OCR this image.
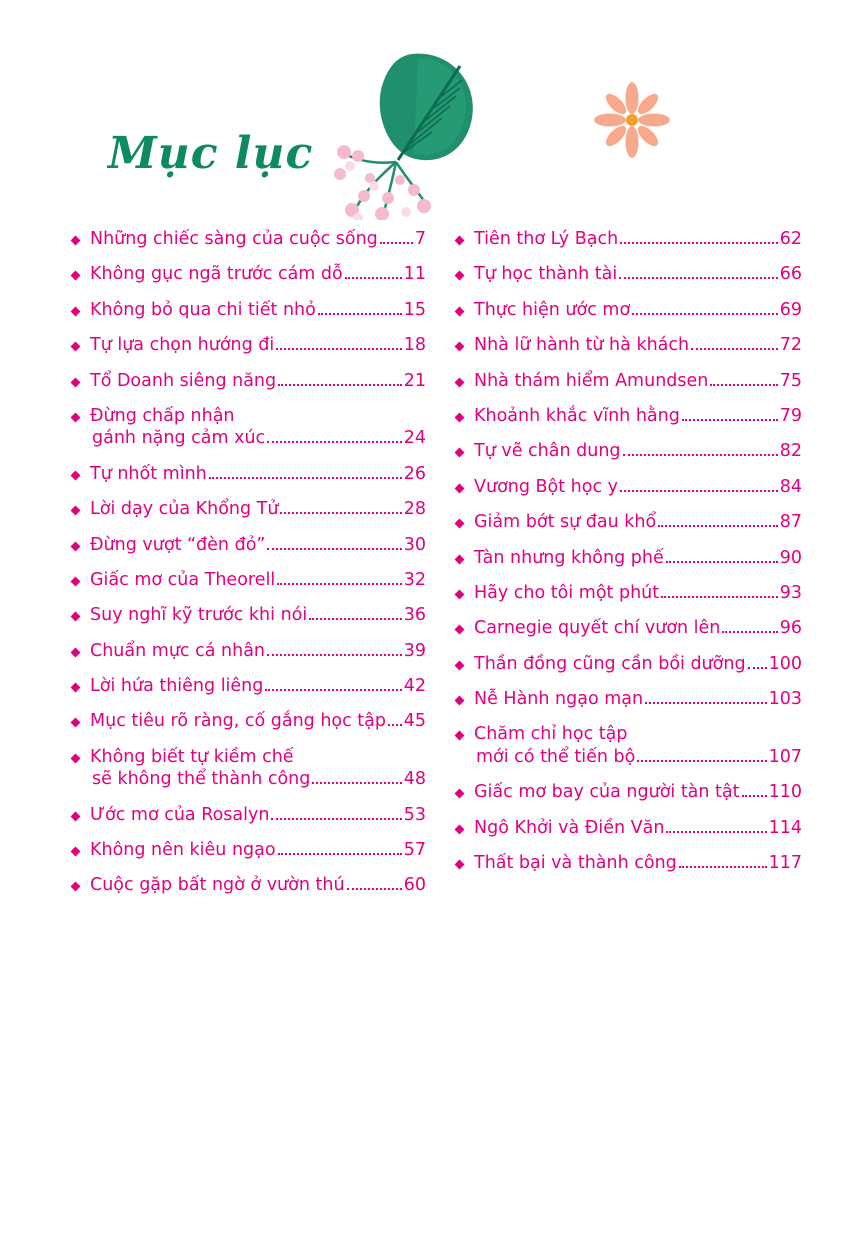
Mục lục
Những chiếc sàng của cuộc sống 7
Không gục ngã trước cám dỗ	11
Không bỏ qua chi tiết nhỏ	15
Tự lựa chọn hướng đi	18
Tổ Doanh siêng năng	21
Đừng chấp nhận
gánh nặng cảm xúc	24
Tự nhốt mình	26
Lời dạy của Khổng Tử	28
Đừng vượt “đèn đỏ”	30
Giấc mơ của Theorell	32
Suy nghĩ kỹ trước khi nói	36
Chuẩn mực cá nhân	39
Lời hứa thiêng liêng	42
Mục tiêu rõ ràng, cố gắng học tập 45
Không biết tự kiềm chế
sẽ không thể thành công	48
Ước mơ của Rosalyn	53
Không nên kiêu ngạo	57
Cuộc gặp bất ngờ ở vườn thú	60
Tiên thơ Lý Bạch	62
Tự học thành tài	66
Thực hiện ước mơ	69
Nhà lữ hành từ hà khách	72
Nhà thám hiểm Amundsen	75
Khoảnh khắc vĩnh hằng	79
Tự vẽ chân dung	82
Vương Bột học y	84
Giảm bớt sự đau khổ	87
Tàn nhưng không phế	90
Hãy cho tôi một phút	93
Carnegie quyết chí vươn lên	96
Thần đồng cũng cần bồi dưỡng 100
Nễ Hành ngạo mạn	103
Chăm chỉ học tập
mới có thể tiến bộ	107
Giấc mơ bay của người tàn tật 110
Ngô Khởi và Điền Văn	114
Thất bại và thành công	117
